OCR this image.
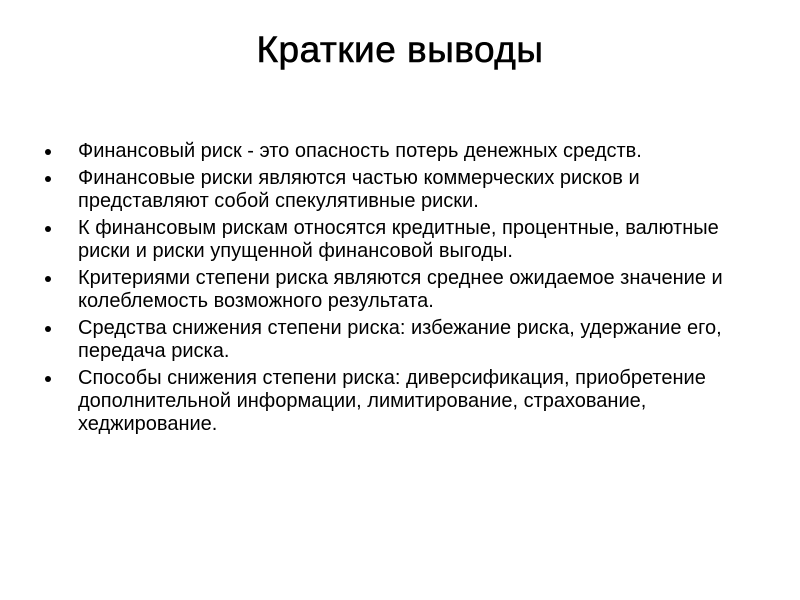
Краткие выводы
Финансовый риск - это опасность потерь денежных средств.
Финансовые риски являются частью коммерческих рисков и представляют собой спекулятивные риски.
К финансовым рискам относятся кредитные, процентные, валютные риски и риски упущенной финансовой выгоды.
Критериями степени риска являются среднее ожидаемое значение и колеблемость возможного результата.
Средства снижения степени риска: избежание риска, удержание его, передача риска.
Способы снижения степени риска: диверсификация, приобретение дополнительной информации, лимитирование, страхование, хеджирование.
